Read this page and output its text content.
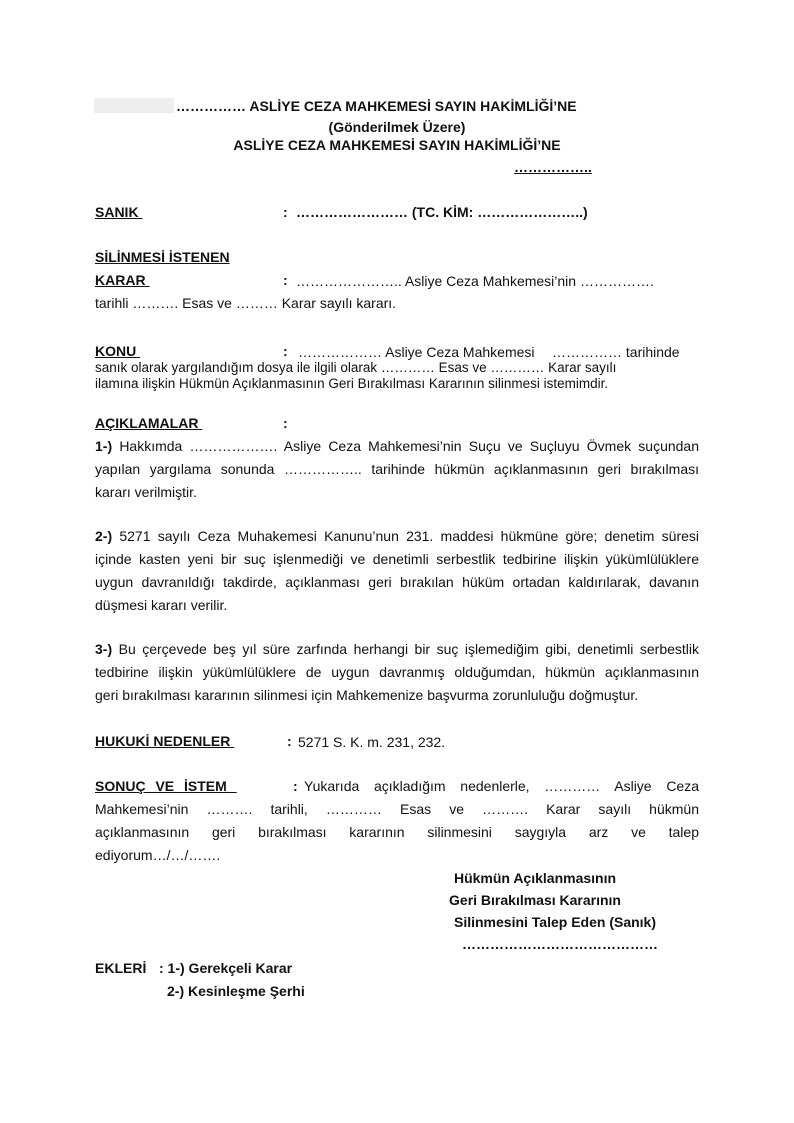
…………… ASLİYE CEZA MAHKEMESİ SAYIN HAKİMLİĞİ’NE
(Gönderilmek Üzere)
ASLİYE CEZA MAHKEMESİ SAYIN HAKİMLİĞİ’NE
……………..
SANIK	: …………………… (TC. KİM: …………………..)
SİLİNMESİ İSTENEN
KARAR	: ………………….. Asliye Ceza Mahkemesi’nin …………….
tarihli ………. Esas ve ……… Karar sayılı kararı.
KONU	: ……………… Asliye Ceza Mahkemesi …………… tarihinde
sanık olarak yargılandığım dosya ile ilgili olarak ………… Esas ve ………… Karar sayılı
ilamına ilişkin Hükmün Açıklanmasının Geri Bırakılması Kararının silinmesi istemimdir.
AÇIKLAMALAR	:
1-) Hakkımda ………………. Asliye Ceza Mahkemesi’nin Suçu ve Suçluyu Övmek suçundan
yapılan yargılama sonunda …………….. tarihinde hükmün açıklanmasının geri bırakılması
kararı verilmiştir.
2-) 5271 sayılı Ceza Muhakemesi Kanunu’nun 231. maddesi hükmüne göre; denetim süresi
içinde kasten yeni bir suç işlenmediği ve denetimli serbestlik tedbirine ilişkin yükümlülüklere
uygun davranıldığı takdirde, açıklanması geri bırakılan hüküm ortadan kaldırılarak, davanın
düşmesi kararı verilir.
3-) Bu çerçevede beş yıl süre zarfında herhangi bir suç işlemediğim gibi, denetimli serbestlik
tedbirine ilişkin yükümlülüklere de uygun davranmış olduğumdan, hükmün açıklanmasının
geri bırakılması kararının silinmesi için Mahkemenize başvurma zorunluluğu doğmuştur.
HUKUKİ NEDENLER	: 5271 S. K. m. 231, 232.
SONUÇ VE İSTEM	: Yukarıda açıkladığım nedenlerle, ………… Asliye Ceza
Mahkemesi’nin ………. tarihli, ………… Esas ve ………. Karar sayılı hükmün
açıklanmasının geri bırakılması kararının silinmesini saygıyla arz ve talep
ediyorum…/…/…….
Hükmün Açıklanmasının
Geri Bırakılması Kararının
Silinmesini Talep Eden (Sanık)
……………………………………
EKLERİ : 1-) Gerekçeli Karar
2-) Kesinleşme Şerhi
